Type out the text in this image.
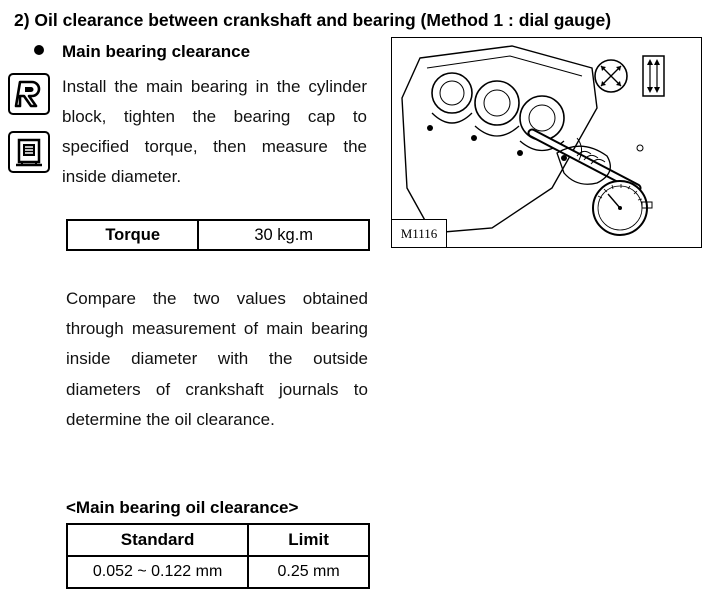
2) Oil clearance between crankshaft and bearing (Method 1 : dial gauge)
Main bearing clearance
Install the main bearing in the cylinder block, tighten the bearing cap to specified torque, then measure the inside diameter.
Torque	30 kg.m	M1116
Compare the two values obtained through measurement of main bearing inside diameter with the outside diameters of crankshaft journals to determine the oil clearance.
<Main bearing oil clearance>
Standard	Limit
0.052 ~ 0.122 mm	0.25 mm
